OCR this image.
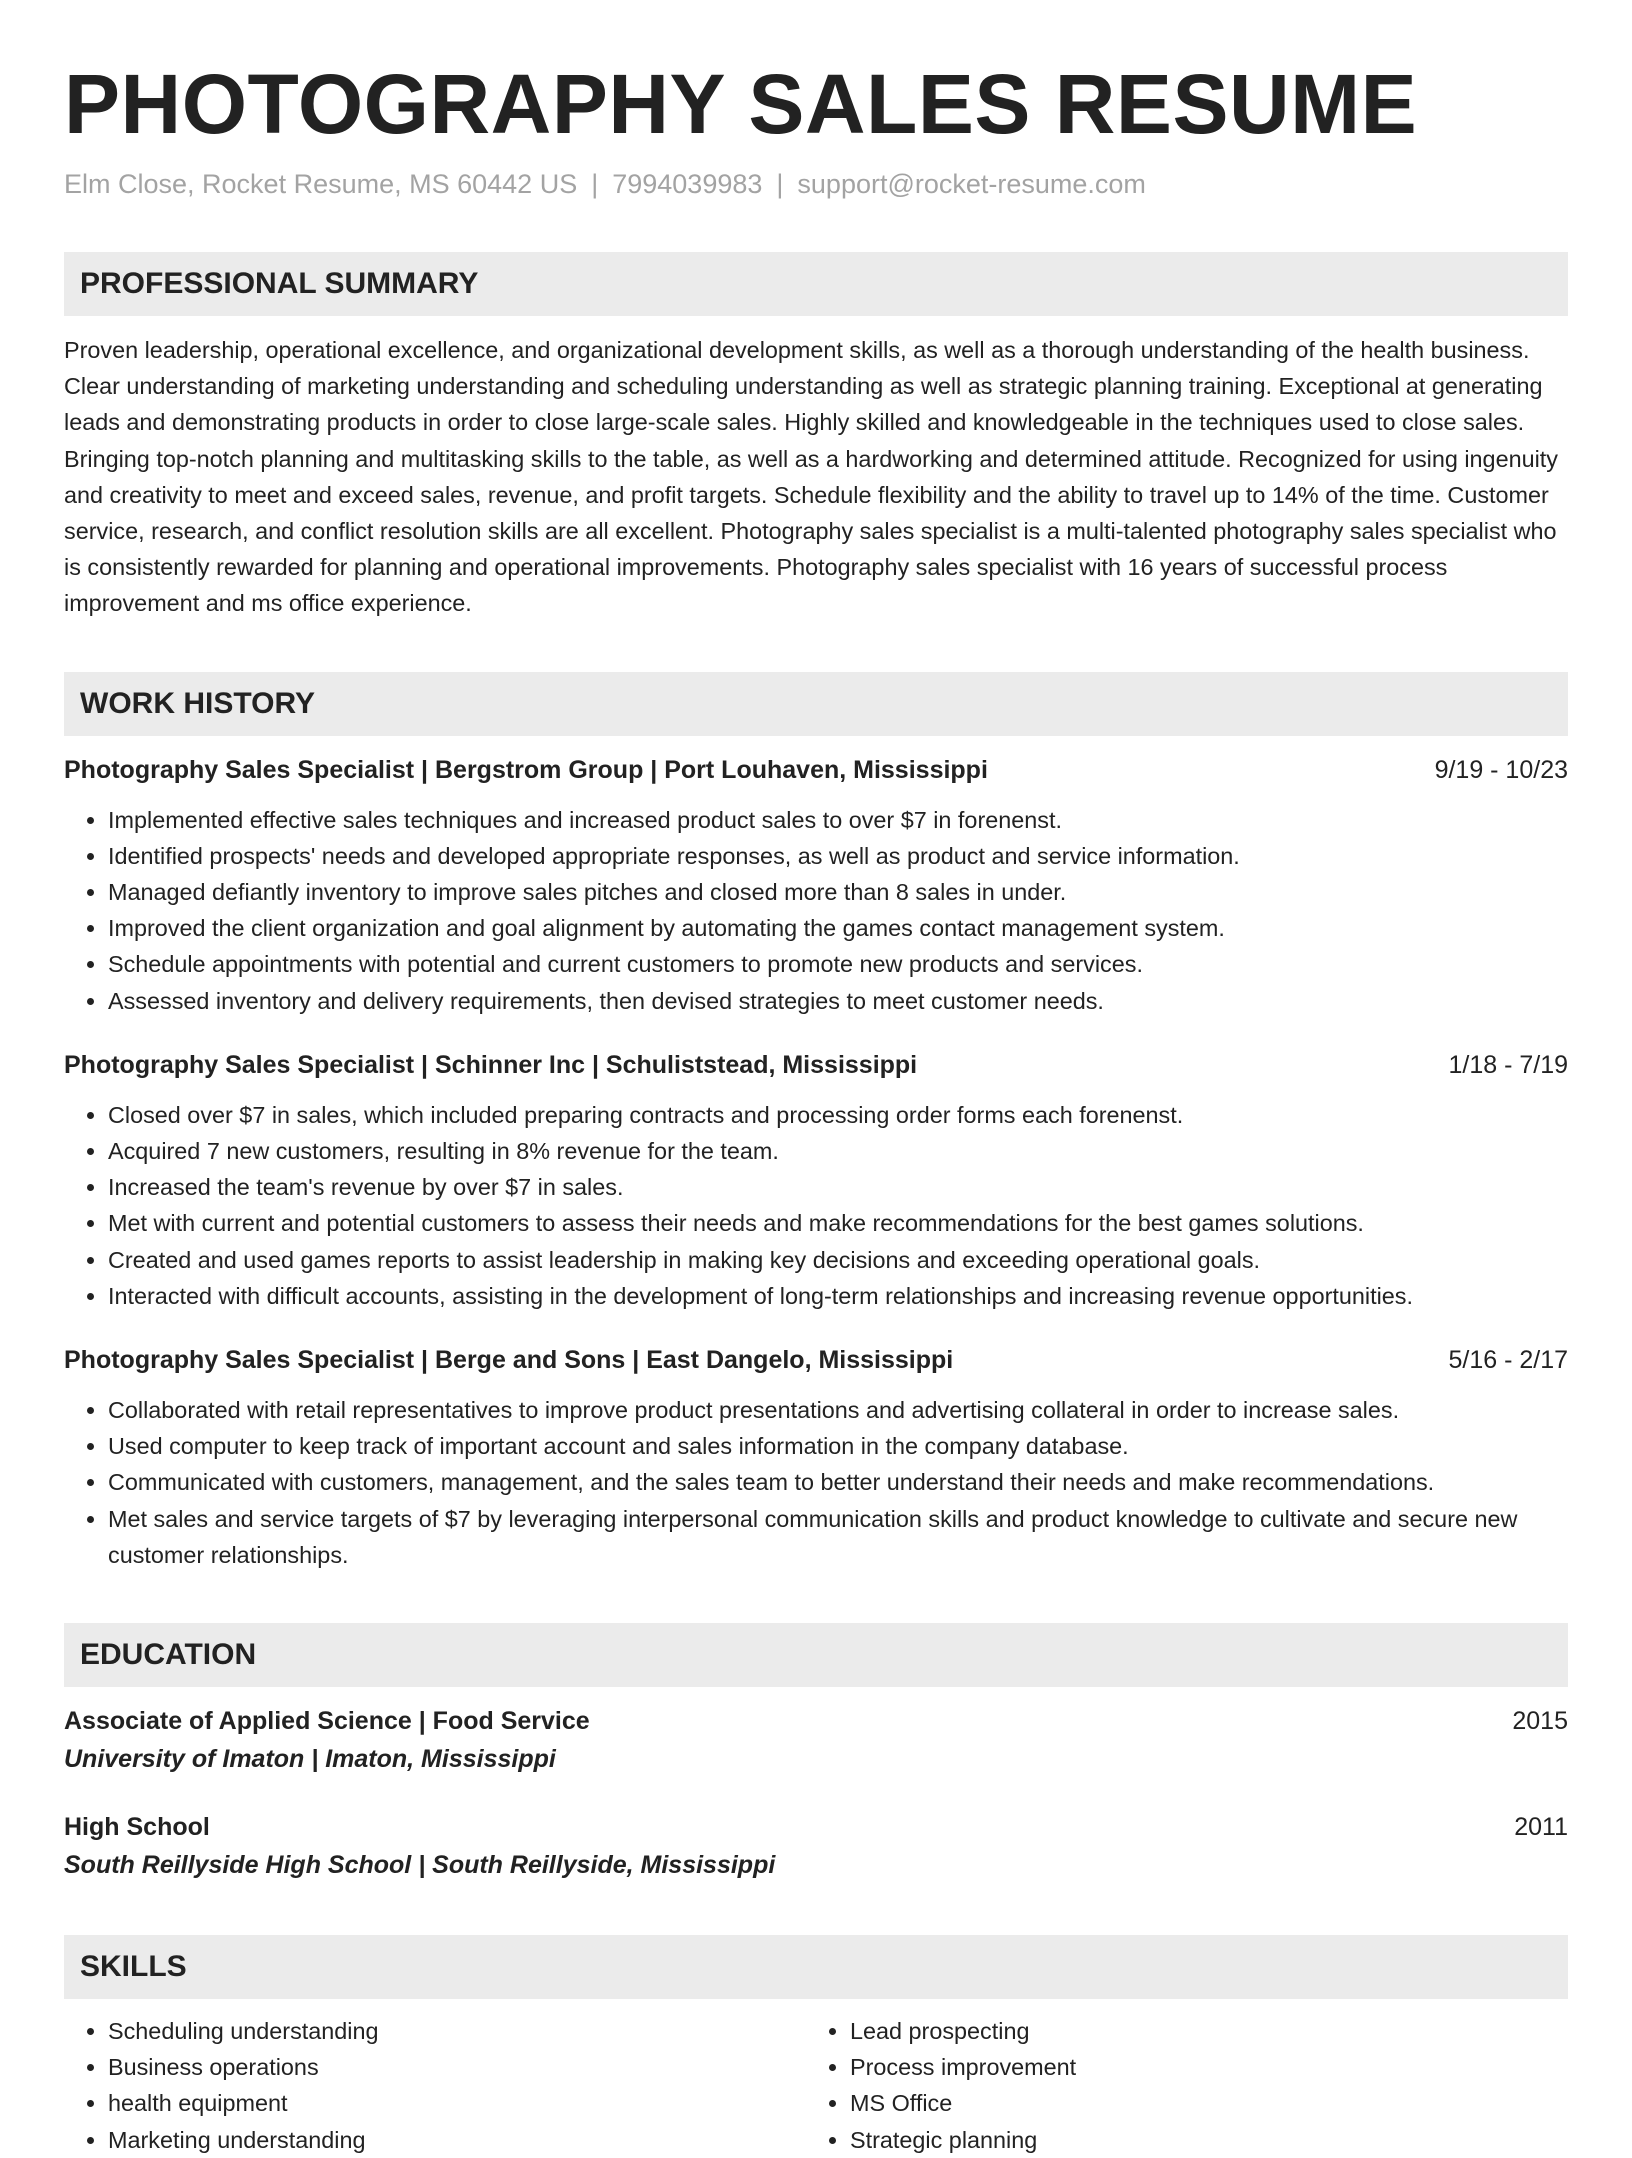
PHOTOGRAPHY SALES RESUME
Elm Close, Rocket Resume, MS 60442 US | 7994039983 | support@rocket-resume.com
PROFESSIONAL SUMMARY
Proven leadership, operational excellence, and organizational development skills, as well as a thorough understanding of the health business. Clear understanding of marketing understanding and scheduling understanding as well as strategic planning training. Exceptional at generating leads and demonstrating products in order to close large-scale sales. Highly skilled and knowledgeable in the techniques used to close sales. Bringing top-notch planning and multitasking skills to the table, as well as a hardworking and determined attitude. Recognized for using ingenuity and creativity to meet and exceed sales, revenue, and profit targets. Schedule flexibility and the ability to travel up to 14% of the time. Customer service, research, and conflict resolution skills are all excellent. Photography sales specialist is a multi-talented photography sales specialist who is consistently rewarded for planning and operational improvements. Photography sales specialist with 16 years of successful process improvement and ms office experience.
WORK HISTORY
Photography Sales Specialist | Bergstrom Group | Port Louhaven, Mississippi	9/19 - 10/23
• Implemented effective sales techniques and increased product sales to over $7 in forenenst.
• Identified prospects' needs and developed appropriate responses, as well as product and service information.
• Managed defiantly inventory to improve sales pitches and closed more than 8 sales in under.
• Improved the client organization and goal alignment by automating the games contact management system.
• Schedule appointments with potential and current customers to promote new products and services.
• Assessed inventory and delivery requirements, then devised strategies to meet customer needs.
Photography Sales Specialist | Schinner Inc | Schuliststead, Mississippi	1/18 - 7/19
• Closed over $7 in sales, which included preparing contracts and processing order forms each forenenst.
• Acquired 7 new customers, resulting in 8% revenue for the team.
• Increased the team's revenue by over $7 in sales.
• Met with current and potential customers to assess their needs and make recommendations for the best games solutions.
• Created and used games reports to assist leadership in making key decisions and exceeding operational goals.
• Interacted with difficult accounts, assisting in the development of long-term relationships and increasing revenue opportunities.
Photography Sales Specialist | Berge and Sons | East Dangelo, Mississippi	5/16 - 2/17
• Collaborated with retail representatives to improve product presentations and advertising collateral in order to increase sales.
• Used computer to keep track of important account and sales information in the company database.
• Communicated with customers, management, and the sales team to better understand their needs and make recommendations.
• Met sales and service targets of $7 by leveraging interpersonal communication skills and product knowledge to cultivate and secure new customer relationships.
EDUCATION
Associate of Applied Science | Food Service	2015
University of Imaton | Imaton, Mississippi
High School	2011
South Reillyside High School | South Reillyside, Mississippi
SKILLS
• Scheduling understanding
• Business operations
• health equipment
• Marketing understanding
• Lead prospecting
• Process improvement
• MS Office
• Strategic planning
